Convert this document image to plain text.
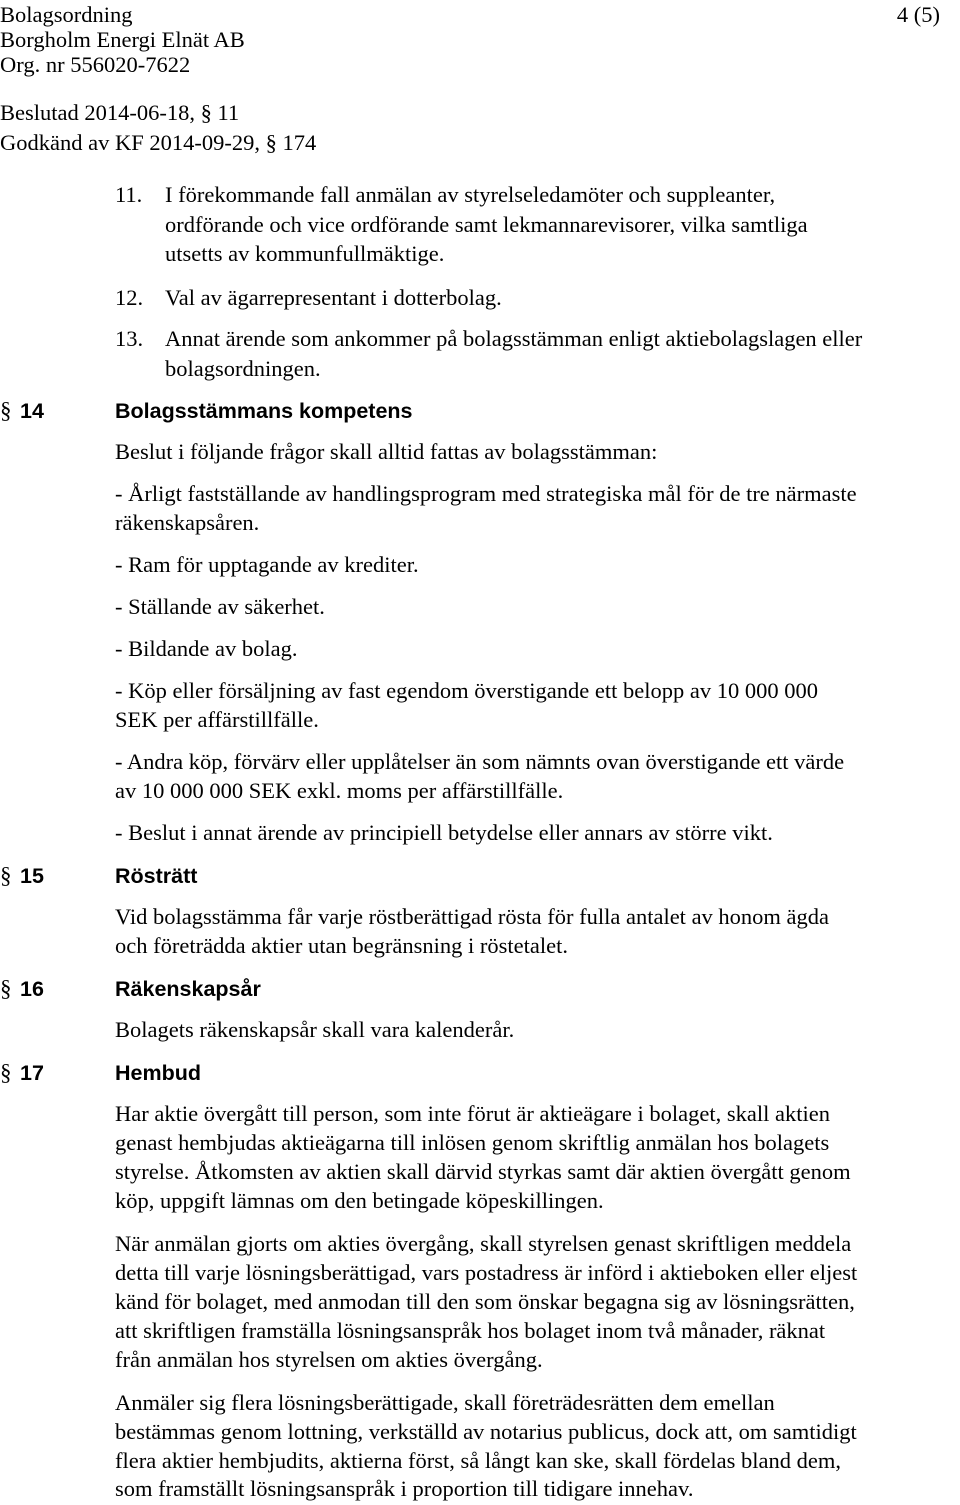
Bolagsordning	4 (5)
Borgholm Energi Elnät AB
Org. nr 556020-7622
Beslutad 2014-06-18, § 11
Godkänd av KF 2014-09-29, § 174
11. I förekommande fall anmälan av styrelseledamöter och suppleanter,
ordförande och vice ordförande samt lekmannarevisorer, vilka samtliga
utsetts av kommunfullmäktige.
12. Val av ägarrepresentant i dotterbolag.
13. Annat ärende som ankommer på bolagsstämman enligt aktiebolagslagen eller
bolagsordningen.
§ 14	Bolagsstämmans kompetens
Beslut i följande frågor skall alltid fattas av bolagsstämman:
- Årligt fastställande av handlingsprogram med strategiska mål för de tre närmaste
räkenskapsåren.
- Ram för upptagande av krediter.
- Ställande av säkerhet.
- Bildande av bolag.
- Köp eller försäljning av fast egendom överstigande ett belopp av 10 000 000
SEK per affärstillfälle.
- Andra köp, förvärv eller upplåtelser än som nämnts ovan överstigande ett värde
av 10 000 000 SEK exkl. moms per affärstillfälle.
- Beslut i annat ärende av principiell betydelse eller annars av större vikt.
§ 15	Rösträtt
Vid bolagsstämma får varje röstberättigad rösta för fulla antalet av honom ägda
och företrädda aktier utan begränsning i röstetalet.
§ 16	Räkenskapsår
Bolagets räkenskapsår skall vara kalenderår.
§ 17	Hembud
Har aktie övergått till person, som inte förut är aktieägare i bolaget, skall aktien
genast hembjudas aktieägarna till inlösen genom skriftlig anmälan hos bolagets
styrelse. Åtkomsten av aktien skall därvid styrkas samt där aktien övergått genom
köp, uppgift lämnas om den betingade köpeskillingen.
När anmälan gjorts om akties övergång, skall styrelsen genast skriftligen meddela
detta till varje lösningsberättigad, vars postadress är införd i aktieboken eller eljest
känd för bolaget, med anmodan till den som önskar begagna sig av lösningsrätten,
att skriftligen framställa lösningsanspråk hos bolaget inom två månader, räknat
från anmälan hos styrelsen om akties övergång.
Anmäler sig flera lösningsberättigade, skall företrädesrätten dem emellan
bestämmas genom lottning, verkställd av notarius publicus, dock att, om samtidigt
flera aktier hembjudits, aktierna först, så långt kan ske, skall fördelas bland dem,
som framställt lösningsanspråk i proportion till tidigare innehav.
